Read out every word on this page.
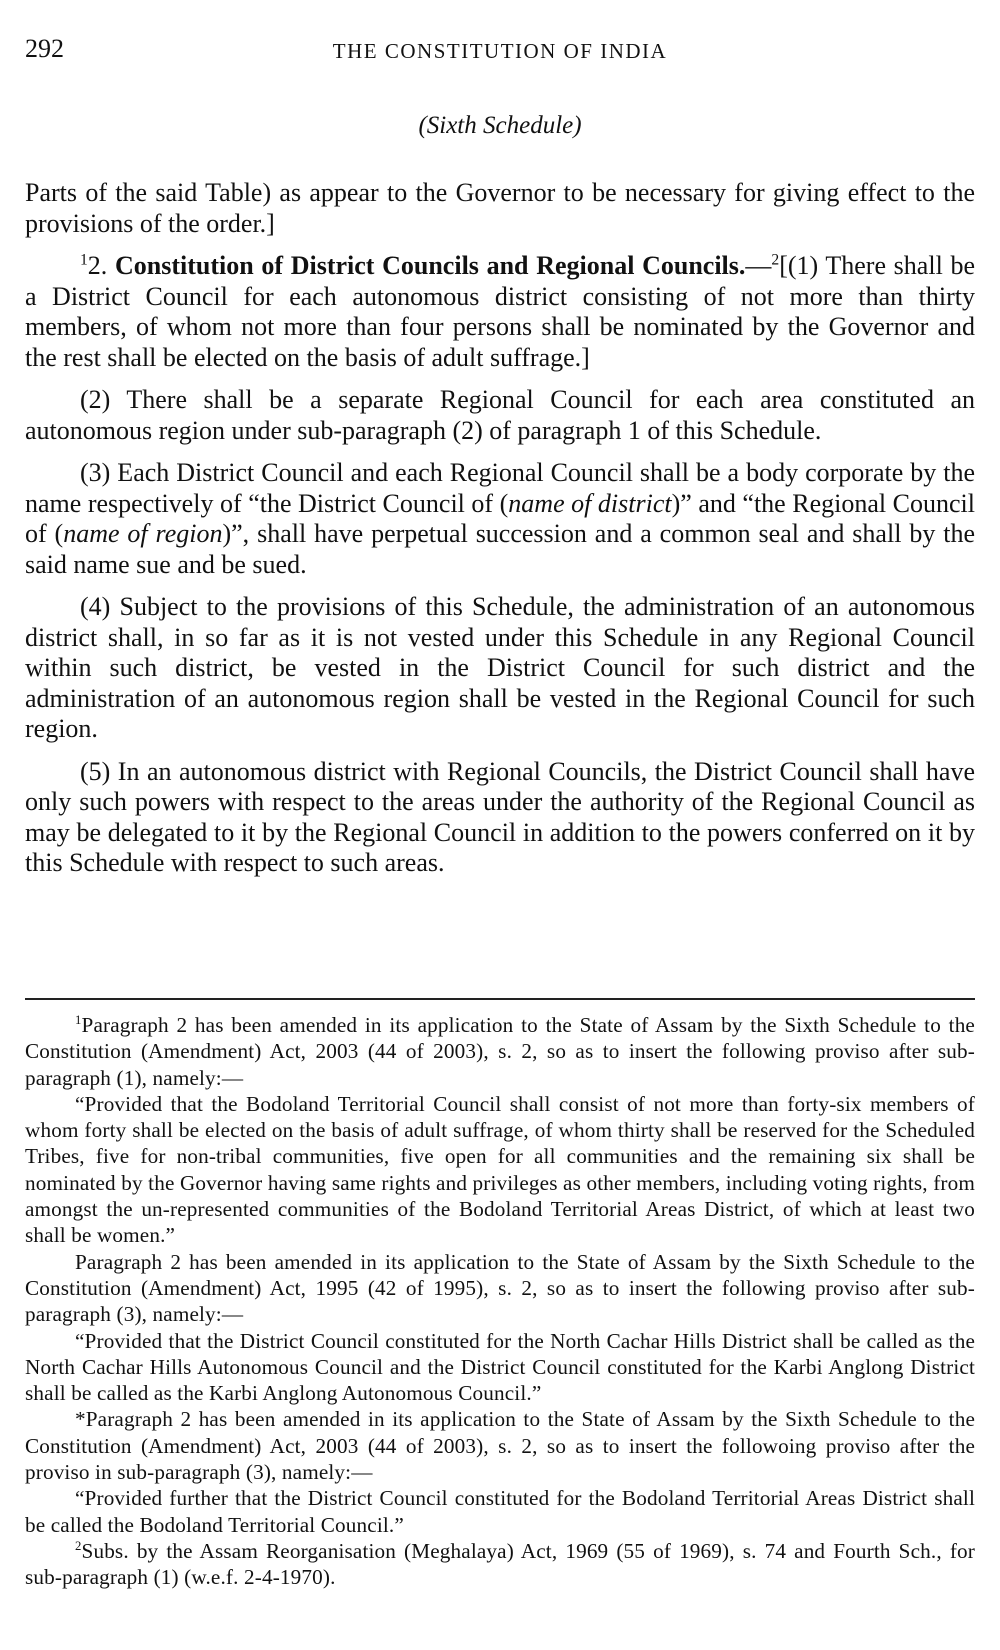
292	THE CONSTITUTION OF INDIA
(Sixth Schedule)

Parts of the said Table) as appear to the Governor to be necessary for giving effect to the provisions of the order.]

$^1$2. Constitution of District Councils and Regional Councils.—$^2$[(1) There shall be a District Council for each autonomous district consisting of not more than thirty members, of whom not more than four persons shall be nominated by the Governor and the rest shall be elected on the basis of adult suffrage.]

(2) There shall be a separate Regional Council for each area constituted an autonomous region under sub-paragraph (2) of paragraph 1 of this Schedule.

(3) Each District Council and each Regional Council shall be a body corporate by the name respectively of “the District Council of (name of district)” and “the Regional Council of (name of region)”, shall have perpetual succession and a common seal and shall by the said name sue and be sued.

(4) Subject to the provisions of this Schedule, the administration of an autonomous district shall, in so far as it is not vested under this Schedule in any Regional Council within such district, be vested in the District Council for such district and the administration of an autonomous region shall be vested in the Regional Council for such region.

(5) In an autonomous district with Regional Councils, the District Council shall have only such powers with respect to the areas under the authority of the Regional Council as may be delegated to it by the Regional Council in addition to the powers conferred on it by this Schedule with respect to such areas.

$^1$Paragraph 2 has been amended in its application to the State of Assam by the Sixth Schedule to the Constitution (Amendment) Act, 2003 (44 of 2003), s. 2, so as to insert the following proviso after sub-paragraph (1), namely:—

“Provided that the Bodoland Territorial Council shall consist of not more than forty-six members of whom forty shall be elected on the basis of adult suffrage, of whom thirty shall be reserved for the Scheduled Tribes, five for non-tribal communities, five open for all communities and the remaining six shall be nominated by the Governor having same rights and privileges as other members, including voting rights, from amongst the un-represented communities of the Bodoland Territorial Areas District, of which at least two shall be women.”

Paragraph 2 has been amended in its application to the State of Assam by the Sixth Schedule to the Constitution (Amendment) Act, 1995 (42 of 1995), s. 2, so as to insert the following proviso after sub-paragraph (3), namely:—

“Provided that the District Council constituted for the North Cachar Hills District shall be called as the North Cachar Hills Autonomous Council and the District Council constituted for the Karbi Anglong District shall be called as the Karbi Anglong Autonomous Council.”

*Paragraph 2 has been amended in its application to the State of Assam by the Sixth Schedule to the Constitution (Amendment) Act, 2003 (44 of 2003), s. 2, so as to insert the followoing proviso after the proviso in sub-paragraph (3), namely:—

“Provided further that the District Council constituted for the Bodoland Territorial Areas District shall be called the Bodoland Territorial Council.”

$^2$Subs. by the Assam Reorganisation (Meghalaya) Act, 1969 (55 of 1969), s. 74 and Fourth Sch., for sub-paragraph (1) (w.e.f. 2-4-1970).
